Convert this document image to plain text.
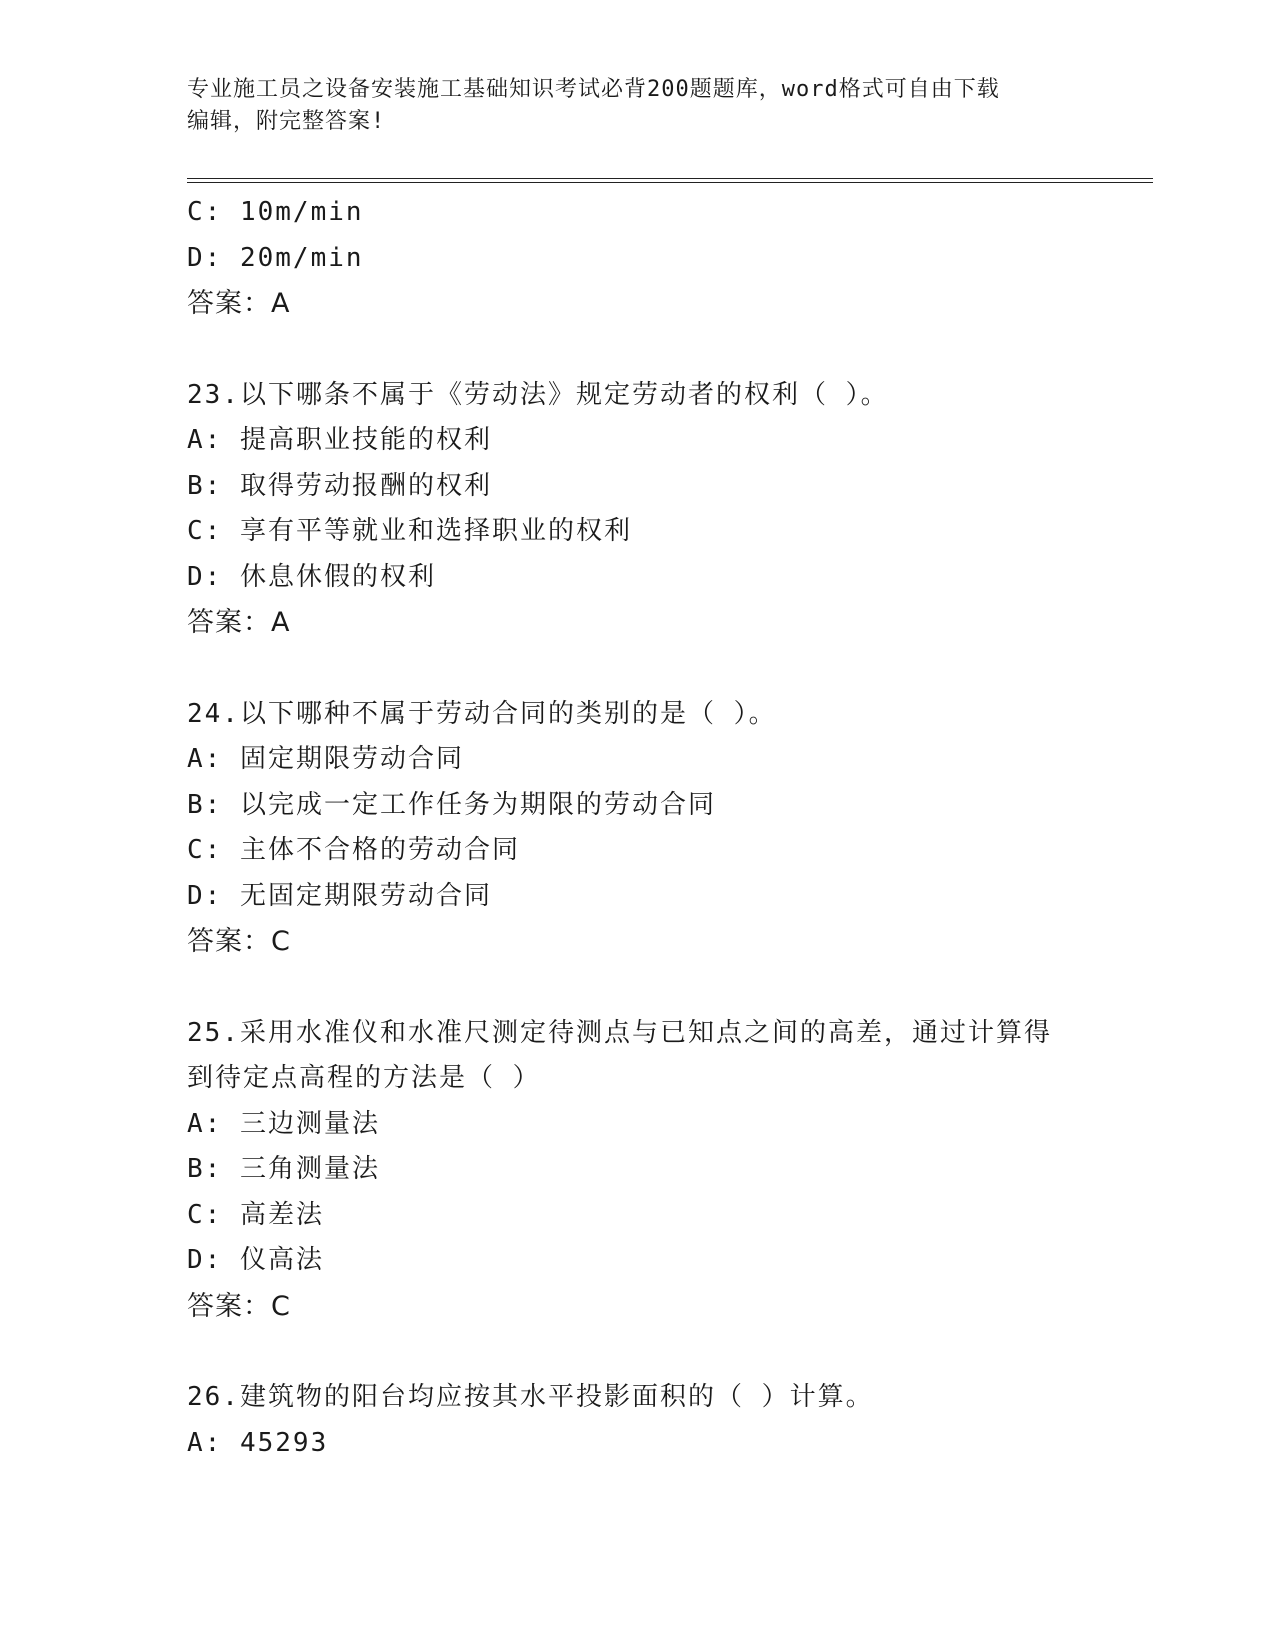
专业施工员之设备安装施工基础知识考试必背200题题库，word格式可自由下载
编辑，附完整答案!
C: 10m/min
D: 20m/min
答案：A
23.以下哪条不属于《劳动法》规定劳动者的权利（ ）。
A: 提高职业技能的权利
B: 取得劳动报酬的权利
C: 享有平等就业和选择职业的权利
D: 休息休假的权利
答案：A
24.以下哪种不属于劳动合同的类别的是（ ）。
A: 固定期限劳动合同
B: 以完成一定工作任务为期限的劳动合同
C: 主体不合格的劳动合同
D: 无固定期限劳动合同
答案：C
25.采用水准仪和水准尺测定待测点与已知点之间的高差，通过计算得
到待定点高程的方法是（ ）
A: 三边测量法
B: 三角测量法
C: 高差法
D: 仪高法
答案：C
26.建筑物的阳台均应按其水平投影面积的（ ）计算。
A: 45293
